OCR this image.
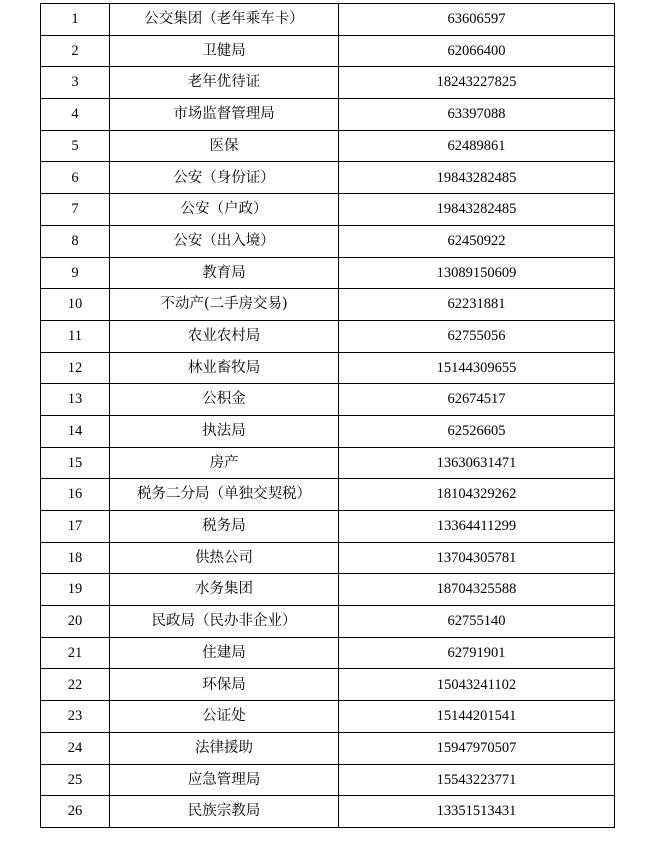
1	公交集团（老年乘车卡）	63606597
2	卫健局	62066400
3	老年优待证	18243227825
4	市场监督管理局	63397088
5	医保	62489861
6	公安（身份证）	19843282485
7	公安（户政）	19843282485
8	公安（出入境）	62450922
9	教育局	13089150609
10	不动产(二手房交易)	62231881
11	农业农村局	62755056
12	林业畜牧局	15144309655
13	公积金	62674517
14	执法局	62526605
15	房产	13630631471
16	税务二分局（单独交契税）	18104329262
17	税务局	13364411299
18	供热公司	13704305781
19	水务集团	18704325588
20	民政局（民办非企业）	62755140
21	住建局	62791901
22	环保局	15043241102
23	公证处	15144201541
24	法律援助	15947970507
25	应急管理局	15543223771
26	民族宗教局	13351513431
